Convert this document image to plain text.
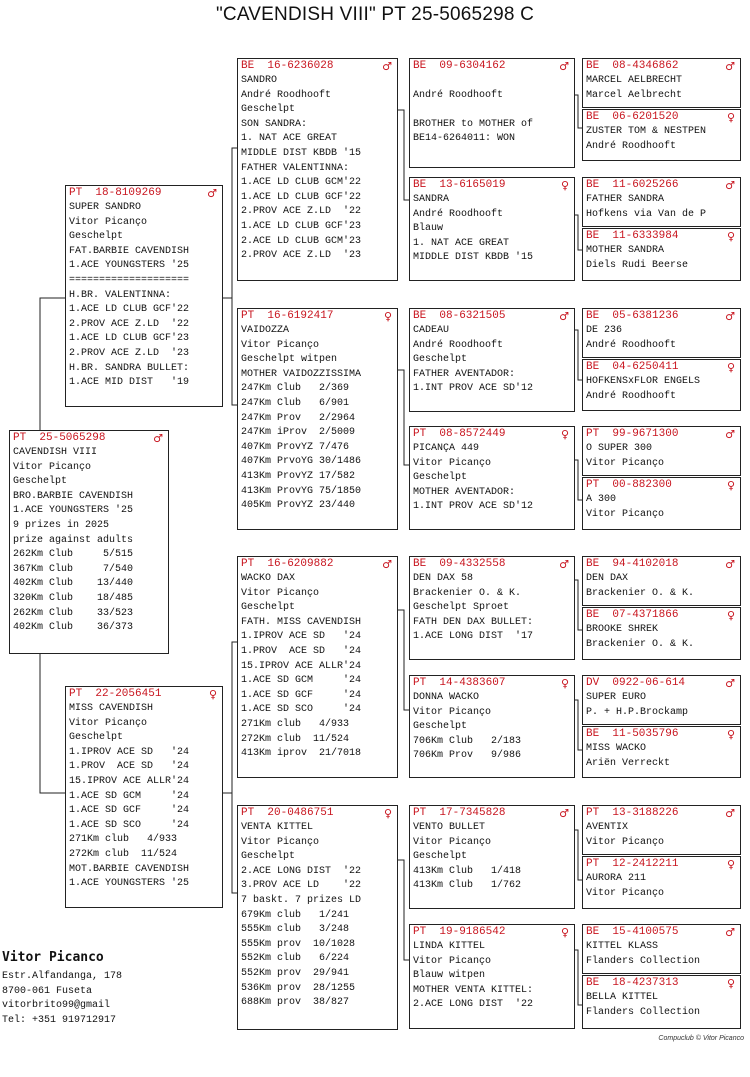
"CAVENDISH VIII" PT 25-5065298 C
PT  25-5065298	♂
CAVENDISH VIII
Vitor Picanço
Geschelpt
BRO.BARBIE CAVENDISH
1.ACE YOUNGSTERS '25
9 prizes in 2025
prize against adults
262Km Club     5/515
367Km Club     7/540
402Km Club    13/440
320Km Club    18/485
262Km Club    33/523
402Km Club    36/373
PT  18-8109269	♂
SUPER SANDRO
Vitor Picanço
Geschelpt
FAT.BARBIE CAVENDISH
1.ACE YOUNGSTERS '25
====================
H.BR. VALENTINNA:
1.ACE LD CLUB GCF'22
2.PROV ACE Z.LD  '22
1.ACE LD CLUB GCF'23
2.PROV ACE Z.LD  '23
H.BR. SANDRA BULLET:
1.ACE MID DIST   '19
PT  22-2056451	♀
MISS CAVENDISH
Vitor Picanço
Geschelpt
1.IPROV ACE SD   '24
1.PROV  ACE SD   '24
15.IPROV ACE ALLR'24
1.ACE SD GCM     '24
1.ACE SD GCF     '24
1.ACE SD SCO     '24
271Km club   4/933
272Km club  11/524
MOT.BARBIE CAVENDISH
1.ACE YOUNGSTERS '25
BE  16-6236028	♂
SANDRO
André Roodhooft
Geschelpt
SON SANDRA:
1. NAT ACE GREAT
MIDDLE DIST KBDB '15
FATHER VALENTINNA:
1.ACE LD CLUB GCM'22
1.ACE LD CLUB GCF'22
2.PROV ACE Z.LD  '22
1.ACE LD CLUB GCF'23
2.ACE LD CLUB GCM'23
2.PROV ACE Z.LD  '23
PT  16-6192417	♀
VAIDOZZA
Vitor Picanço
Geschelpt witpen
MOTHER VAIDOZZISSIMA
247Km Club   2/369
247Km Club   6/901
247Km Prov   2/2964
247Km iProv  2/5009
407Km ProvYZ 7/476
407Km PrvoYG 30/1486
413Km ProvYZ 17/582
413Km ProvYG 75/1850
405Km ProvYZ 23/440
PT  16-6209882	♂
WACKO DAX
Vitor Picanço
Geschelpt
FATH. MISS CAVENDISH
1.IPROV ACE SD   '24
1.PROV  ACE SD   '24
15.IPROV ACE ALLR'24
1.ACE SD GCM     '24
1.ACE SD GCF     '24
1.ACE SD SCO     '24
271Km club   4/933
272Km club  11/524
413Km iprov  21/7018
PT  20-0486751	♀
VENTA KITTEL
Vitor Picanço
Geschelpt
2.ACE LONG DIST  '22
3.PROV ACE LD    '22
7 baskt. 7 prizes LD
679Km club   1/241
555Km club   3/248
555Km prov  10/1028
552Km club   6/224
552Km prov  29/941
536Km prov  28/1255
688Km prov  38/827
BE  09-6304162	♂
André Roodhooft
BROTHER to MOTHER of
BE14-6264011: WON
BE  13-6165019	♀
SANDRA
André Roodhooft
Blauw
1. NAT ACE GREAT
MIDDLE DIST KBDB '15
BE  08-6321505	♂
CADEAU
André Roodhooft
Geschelpt
FATHER AVENTADOR:
1.INT PROV ACE SD'12
PT  08-8572449	♀
PICANÇA 449
Vitor Picanço
Geschelpt
MOTHER AVENTADOR:
1.INT PROV ACE SD'12
BE  09-4332558	♂
DEN DAX 58
Brackenier O. & K.
Geschelpt Sproet
FATH DEN DAX BULLET:
1.ACE LONG DIST  '17
PT  14-4383607	♀
DONNA WACKO
Vitor Picanço
Geschelpt
706Km Club   2/183
706Km Prov   9/986
PT  17-7345828	♂
VENTO BULLET
Vitor Picanço
Geschelpt
413Km Club   1/418
413Km Club   1/762
PT  19-9186542	♀
LINDA KITTEL
Vitor Picanço
Blauw witpen
MOTHER VENTA KITTEL:
2.ACE LONG DIST  '22
BE  08-4346862	♂
MARCEL AELBRECHT
Marcel Aelbrecht
BE  06-6201520	♀
ZUSTER TOM & NESTPEN
André Roodhooft
BE  11-6025266	♂
FATHER SANDRA
Hofkens via Van de P
BE  11-6333984	♀
MOTHER SANDRA
Diels Rudi Beerse
BE  05-6381236	♂
DE 236
André Roodhooft
BE  04-6250411	♀
HOFKENSxFLOR ENGELS
André Roodhooft
PT  99-9671300	♂
O SUPER 300
Vitor Picanço
PT  00-882300	♀
A 300
Vitor Picanço
BE  94-4102018	♂
DEN DAX
Brackenier O. & K.
BE  07-4371866	♀
BROOKE SHREK
Brackenier O. & K.
DV  0922-06-614	♂
SUPER EURO
P. + H.P.Brockamp
BE  11-5035796	♀
MISS WACKO
Ariën Verreckt
PT  13-3188226	♂
AVENTIX
Vitor Picanço
PT  12-2412211	♀
AURORA 211
Vitor Picanço
BE  15-4100575	♂
KITTEL KLASS
Flanders Collection
BE  18-4237313	♀
BELLA KITTEL
Flanders Collection
Vitor Picanco
Estr.Alfandanga, 178
8700-061 Fuseta
vitorbrito99@gmail
Tel: +351 919712917
Compuclub © Vitor Picanco
